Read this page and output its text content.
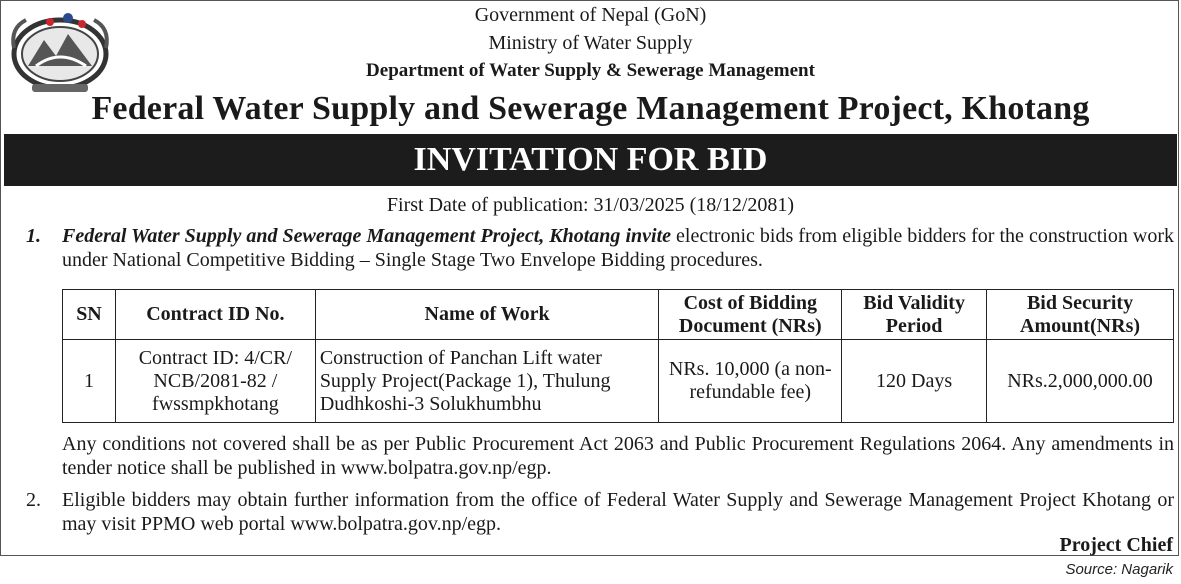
Government of Nepal (GoN)
Ministry of Water Supply
Department of Water Supply & Sewerage Management
Federal Water Supply and Sewerage Management Project, Khotang
INVITATION FOR BID
First Date of publication: 31/03/2025 (18/12/2081)
1. Federal Water Supply and Sewerage Management Project, Khotang invite electronic bids from eligible bidders for the construction work under National Competitive Bidding – Single Stage Two Envelope Bidding procedures.
SN	Contract ID No.	Name of Work	Cost of Bidding Document (NRs)	Bid Validity Period	Bid Security Amount(NRs)
1	Contract ID: 4/CR/ NCB/2081-82 / fwssmpkhotang	Construction of Panchan Lift water Supply Project(Package 1), Thulung Dudhkoshi-3 Solukhumbhu	NRs. 10,000 (a non-refundable fee)	120 Days	NRs.2,000,000.00
Any conditions not covered shall be as per Public Procurement Act 2063 and Public Procurement Regulations 2064. Any amendments in tender notice shall be published in www.bolpatra.gov.np/egp.
2. Eligible bidders may obtain further information from the office of Federal Water Supply and Sewerage Management Project Khotang or may visit PPMO web portal www.bolpatra.gov.np/egp.
Project Chief
Source: Nagarik
